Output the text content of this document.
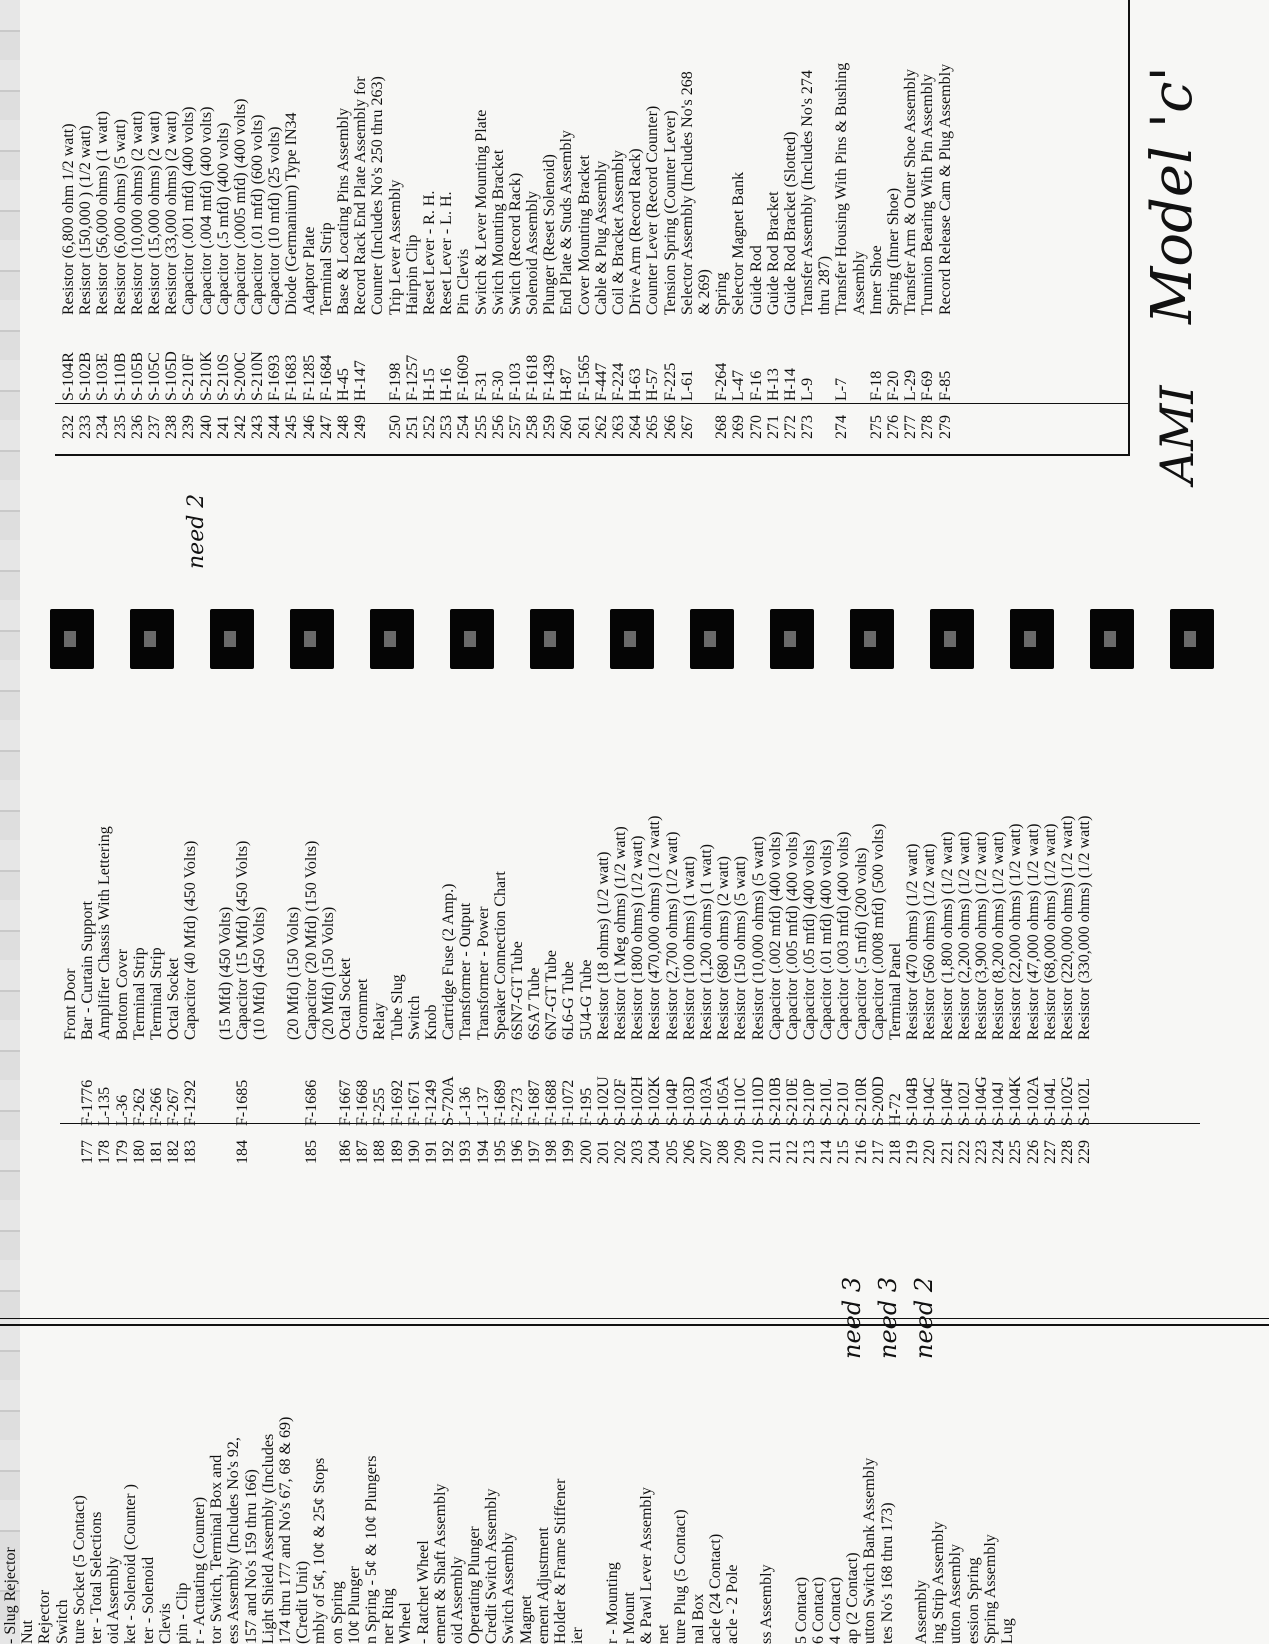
- Slug Rejector Nut Rejector Switch ture Socket (5 Contact) ter - Total Selections oid Assembly ket - Solenoid (Counter ) ter - Solenoid Clevis pin - Clip r - Actuating (Counter) tor Switch, Terminal Box and ess Assembly (Includes No's 92, 157 and No's 159 thru 166) Light Shield Assembly (Includes 174 thru 177 and No's 67, 68 & 69) (Credit Unit) mbly of 5¢, 10¢ & 25¢ Stops on Spring 10¢ Plunger n Spring - 5¢ & 10¢ Plungers ner Ring Wheel - Ratchet Wheel ement & Shaft Assembly oid Assembly Operating Plunger Credit Switch Assembly Switch Assembly Magnet ement Adjustment Holder & Frame Stiffener ier r - Mounting r Mount & Pawl Lever Assembly net ture Plug (5 Contact) nal Box acle (24 Contact) acle - 2 Pole ss Assembly 5 Contact) 6 Contact) 4 Contact) ap (2 Contact) utton Switch Bank Assembly tes No's 168 thru 173) Assembly ing Strip Assembly utton Assembly ession Spring Spring Assembly Lug
Front Door
177
F-1776
Bar - Curtain Support
178
L-135
Amplifier Chassis With Lettering
179
L-36
Bottom Cover
180
F-262
Terminal Strip
181
F-266
Terminal Strip
182
F-267
Octal Socket
183
F-1292
Capacitor (40 Mfd) (450 Volts) (15 Mfd) (450 Volts)
184
F-1685
Capacitor (15 Mfd) (450 Volts) (10 Mfd) (450 Volts) (20 Mfd) (150 Volts)
185
F-1686
Capacitor (20 Mfd) (150 Volts) (20 Mfd) (150 Volts)
186
F-1667
Octal Socket
187
F-1668
Grommet
188
F-255
Relay
189
F-1692
Tube Slug
190
F-1671
Switch
191
F-1249
Knob
192
S-720A
Cartridge Fuse (2 Amp.)
193
L-136
Transformer - Output
194
L-137
Transformer - Power
195
F-1689
Speaker Connection Chart
196
F-273
6SN7-GT Tube
197
F-1687
6SA7 Tube
198
F-1688
6N7-GT Tube
199
F-1072
6L6-G Tube
200
F-195
5U4-G Tube
201
S-102U
Resistor (18 ohms) (1/2 watt)
202
S-102F
Resistor (1 Meg ohms) (1/2 watt)
203
S-102H
Resistor (1800 ohms) (1/2 watt)
204
S-102K
Resistor (470,000 ohms) (1/2 watt)
205
S-104P
Resistor (2,700 ohms) (1/2 watt)
206
S-103D
Resistor (100 ohms) (1 watt)
207
S-103A
Resistor (1,200 ohms) (1 watt)
208
S-105A
Resistor (680 ohms) (2 watt)
209
S-110C
Resistor (150 ohms) (5 watt)
210
S-110D
Resistor (10,000 ohms) (5 watt)
211
S-210B
Capacitor (.002 mfd) (400 volts)
212
S-210E
Capacitor (.005 mfd) (400 volts)
213
S-210P
Capacitor (.05 mfd) (400 volts)
214
S-210L
Capacitor (.01 mfd) (400 volts)
215
S-210J
Capacitor (.003 mfd) (400 volts)
216
S-210R
Capacitor (.5 mfd) (200 volts)
217
S-200D
Capacitor (.0008 mfd) (500 volts)
218
H-72
Terminal Panel
219
S-104B
Resistor (470 ohms) (1/2 watt)
220
S-104C
Resistor (560 ohms) (1/2 watt)
221
S-104F
Resistor (1,800 ohms) (1/2 watt)
222
S-102J
Resistor (2,200 ohms) (1/2 watt)
223
S-104G
Resistor (3,900 ohms) (1/2 watt)
224
S-104J
Resistor (8,200 ohms) (1/2 watt)
225
S-104K
Resistor (22,000 ohms) (1/2 watt)
226
S-102A
Resistor (47,000 ohms) (1/2 watt)
227
S-104L
Resistor (68,000 ohms) (1/2 watt)
228
S-102G
Resistor (220,000 ohms) (1/2 watt)
229
S-102L
Resistor (330,000 ohms) (1/2 watt)
232
S-104R
Resistor (6,800 ohm 1/2 watt)
233
S-102B
Resistor (150,000 ) (1/2 watt)
234
S-103E
Resistor (56,000 ohms) (1 watt)
235
S-110B
Resistor (6,000 ohms) (5 watt)
236
S-105B
Resistor (10,000 ohms) (2 watt)
237
S-105C
Resistor (15,000 ohms) (2 watt)
238
S-105D
Resistor (33,000 ohms) (2 watt)
239
S-210F
Capacitor (.001 mfd) (400 volts)
240
S-210K
Capacitor (.004 mfd) (400 volts)
241
S-210S
Capacitor (.5 mfd) (400 volts)
242
S-200C
Capacitor (.0005 mfd) (400 volts)
243
S-210N
Capacitor (.01 mfd) (600 volts)
244
F-1693
Capacitor (10 mfd) (25 volts)
245
F-1683
Diode (Germanium) Type IN34
246
F-1285
Adaptor Plate
247
F-1684
Terminal Strip
248
H-45
Base & Locating Pins Assembly
249
H-147
Record Rack End Plate Assembly for Counter (Includes No's 250 thru 263)
250
F-198
Trip Lever Assembly
251
F-1257
Hairpin Clip
252
H-15
Reset Lever - R. H.
253
H-16
Reset Lever - L. H.
254
F-1609
Pin Clevis
255
F-31
Switch & Lever Mounting Plate
256
F-30
Switch Mounting Bracket
257
F-103
Switch (Record Rack)
258
F-1618
Solenoid Assembly
259
F-1439
Plunger (Reset Solenoid)
260
H-87
End Plate & Studs Assembly
261
F-1565
Cover Mounting Bracket
262
F-447
Cable & Plug Assembly
263
F-224
Coil & Bracket Assembly
264
H-63
Drive Arm (Record Rack)
265
H-57
Counter Lever (Record Counter)
266
F-225
Tension Spring (Counter Lever)
267
L-61
Selector Assembly (Includes No's 268 & 269)
268
F-264
Spring
269
L-47
Selector Magnet Bank
270
F-16
Guide Rod
271
H-13
Guide Rod Bracket
272
H-14
Guide Rod Bracket (Slotted)
273
L-9
Transfer Assembly (Includes No's 274 thru 287)
274
L-7
Transfer Housing With Pins & Bushing Assembly
275
F-18
Inner Shoe
276
F-20
Spring (Inner Shoe)
277
L-29
Transfer Arm & Outer Shoe Assembly
278
F-69
Trunnion Bearing With Pin Assembly
279
F-85
Record Release Cam & Plug Assembly
need 3 need 3 need 2
need 2
AMI
Model 'c'
